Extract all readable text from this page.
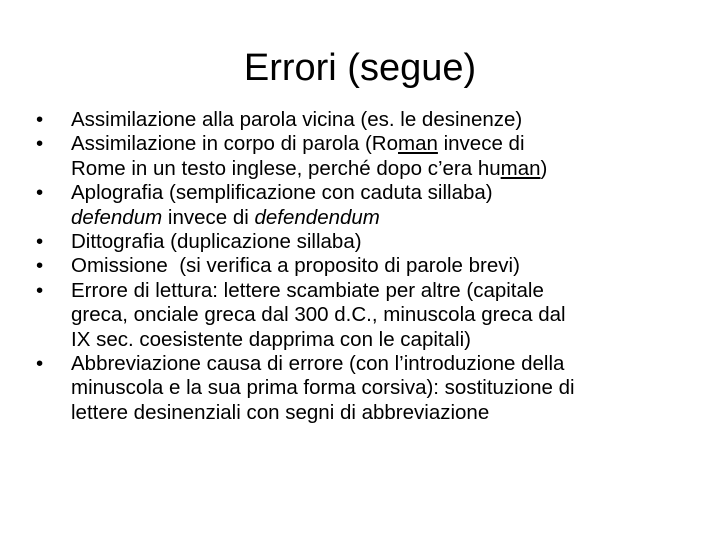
Errori (segue)
•	Assimilazione alla parola vicina (es. le desinenze)
•	Assimilazione in corpo di parola (Roman invece di
Rome in un testo inglese, perché dopo c’era human)
•	Aplografia (semplificazione con caduta sillaba)
defendum invece di defendendum
•	Dittografia (duplicazione sillaba)
•	Omissione  (si verifica a proposito di parole brevi)
•	Errore di lettura: lettere scambiate per altre (capitale
greca, onciale greca dal 300 d.C., minuscola greca dal
IX sec. coesistente dapprima con le capitali)
•	Abbreviazione causa di errore (con l’introduzione della
minuscola e la sua prima forma corsiva): sostituzione di
lettere desinenziali con segni di abbreviazione
